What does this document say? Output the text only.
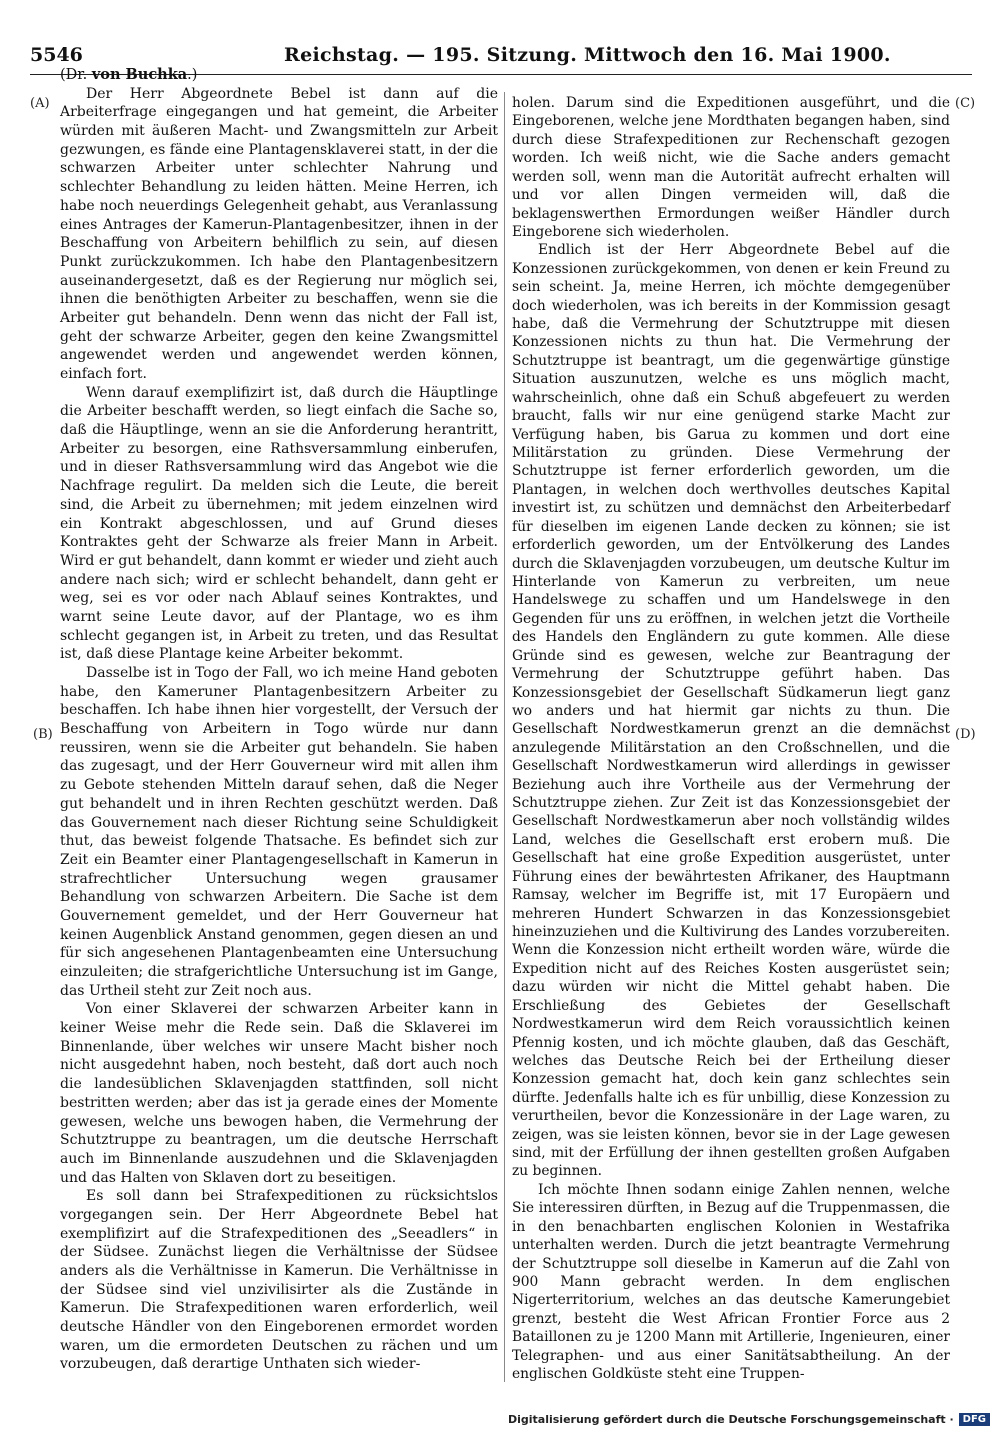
5546	Reichstag. — 195. Sitzung. Mittwoch den 16. Mai 1900.
(A)
(B)
(C)
(D)

(Dr. von Buchka.)

Der Herr Abgeordnete Bebel ist dann auf die Arbeiterfrage eingegangen und hat gemeint, die Arbeiter würden mit äußeren Macht- und Zwangsmitteln zur Arbeit gezwungen, es fände eine Plantagensklaverei statt, in der die schwarzen Arbeiter unter schlechter Nahrung und schlechter Behandlung zu leiden hätten. Meine Herren, ich habe noch neuerdings Gelegenheit gehabt, aus Veranlassung eines Antrages der Kamerun-Plantagenbesitzer, ihnen in der Beschaffung von Arbeitern behilflich zu sein, auf diesen Punkt zurückzukommen. Ich habe den Plantagenbesitzern auseinandergesetzt, daß es der Regierung nur möglich sei, ihnen die benöthigten Arbeiter zu beschaffen, wenn sie die Arbeiter gut behandeln. Denn wenn das nicht der Fall ist, geht der schwarze Arbeiter, gegen den keine Zwangsmittel angewendet werden und angewendet werden können, einfach fort.

Wenn darauf exemplifizirt ist, daß durch die Häuptlinge die Arbeiter beschafft werden, so liegt einfach die Sache so, daß die Häuptlinge, wenn an sie die Anforderung herantritt, Arbeiter zu besorgen, eine Rathsversammlung einberufen, und in dieser Rathsversammlung wird das Angebot wie die Nachfrage regulirt. Da melden sich die Leute, die bereit sind, die Arbeit zu übernehmen; mit jedem einzelnen wird ein Kontrakt abgeschlossen, und auf Grund dieses Kontraktes geht der Schwarze als freier Mann in Arbeit. Wird er gut behandelt, dann kommt er wieder und zieht auch andere nach sich; wird er schlecht behandelt, dann geht er weg, sei es vor oder nach Ablauf seines Kontraktes, und warnt seine Leute davor, auf der Plantage, wo es ihm schlecht gegangen ist, in Arbeit zu treten, und das Resultat ist, daß diese Plantage keine Arbeiter bekommt.

Dasselbe ist in Togo der Fall, wo ich meine Hand geboten habe, den Kameruner Plantagenbesitzern Arbeiter zu beschaffen. Ich habe ihnen hier vorgestellt, der Versuch der Beschaffung von Arbeitern in Togo würde nur dann reussiren, wenn sie die Arbeiter gut behandeln. Sie haben das zugesagt, und der Herr Gouverneur wird mit allen ihm zu Gebote stehenden Mitteln darauf sehen, daß die Neger gut behandelt und in ihren Rechten geschützt werden. Daß das Gouvernement nach dieser Richtung seine Schuldigkeit thut, das beweist folgende Thatsache. Es befindet sich zur Zeit ein Beamter einer Plantagengesellschaft in Kamerun in strafrechtlicher Untersuchung wegen grausamer Behandlung von schwarzen Arbeitern. Die Sache ist dem Gouvernement gemeldet, und der Herr Gouverneur hat keinen Augenblick Anstand genommen, gegen diesen an und für sich angesehenen Plantagenbeamten eine Untersuchung einzuleiten; die strafgerichtliche Untersuchung ist im Gange, das Urtheil steht zur Zeit noch aus.

Von einer Sklaverei der schwarzen Arbeiter kann in keiner Weise mehr die Rede sein. Daß die Sklaverei im Binnenlande, über welches wir unsere Macht bisher noch nicht ausgedehnt haben, noch besteht, daß dort auch noch die landesüblichen Sklavenjagden stattfinden, soll nicht bestritten werden; aber das ist ja gerade eines der Momente gewesen, welche uns bewogen haben, die Vermehrung der Schutztruppe zu beantragen, um die deutsche Herrschaft auch im Binnenlande auszudehnen und die Sklavenjagden und das Halten von Sklaven dort zu beseitigen.

Es soll dann bei Strafexpeditionen zu rücksichtslos vorgegangen sein. Der Herr Abgeordnete Bebel hat exemplifizirt auf die Strafexpeditionen des „Seeadlers“ in der Südsee. Zunächst liegen die Verhältnisse der Südsee anders als die Verhältnisse in Kamerun. Die Verhältnisse in der Südsee sind viel unzivilisirter als die Zustände in Kamerun. Die Strafexpeditionen waren erforderlich, weil deutsche Händler von den Eingeborenen ermordet worden waren, um die ermordeten Deutschen zu rächen und um vorzubeugen, daß derartige Unthaten sich wieder-

holen. Darum sind die Expeditionen ausgeführt, und die Eingeborenen, welche jene Mordthaten begangen haben, sind durch diese Strafexpeditionen zur Rechenschaft gezogen worden. Ich weiß nicht, wie die Sache anders gemacht werden soll, wenn man die Autorität aufrecht erhalten will und vor allen Dingen vermeiden will, daß die beklagenswerthen Ermordungen weißer Händler durch Eingeborene sich wiederholen.

Endlich ist der Herr Abgeordnete Bebel auf die Konzessionen zurückgekommen, von denen er kein Freund zu sein scheint. Ja, meine Herren, ich möchte demgegenüber doch wiederholen, was ich bereits in der Kommission gesagt habe, daß die Vermehrung der Schutztruppe mit diesen Konzessionen nichts zu thun hat. Die Vermehrung der Schutztruppe ist beantragt, um die gegenwärtige günstige Situation auszunutzen, welche es uns möglich macht, wahrscheinlich, ohne daß ein Schuß abgefeuert zu werden braucht, falls wir nur eine genügend starke Macht zur Verfügung haben, bis Garua zu kommen und dort eine Militärstation zu gründen. Diese Vermehrung der Schutztruppe ist ferner erforderlich geworden, um die Plantagen, in welchen doch werthvolles deutsches Kapital investirt ist, zu schützen und demnächst den Arbeiterbedarf für dieselben im eigenen Lande decken zu können; sie ist erforderlich geworden, um der Entvölkerung des Landes durch die Sklavenjagden vorzubeugen, um deutsche Kultur im Hinterlande von Kamerun zu verbreiten, um neue Handelswege zu schaffen und um Handelswege in den Gegenden für uns zu eröffnen, in welchen jetzt die Vortheile des Handels den Engländern zu gute kommen. Alle diese Gründe sind es gewesen, welche zur Beantragung der Vermehrung der Schutztruppe geführt haben. Das Konzessionsgebiet der Gesellschaft Südkamerun liegt ganz wo anders und hat hiermit gar nichts zu thun. Die Gesellschaft Nordwestkamerun grenzt an die demnächst anzulegende Militärstation an den Croßschnellen, und die Gesellschaft Nordwestkamerun wird allerdings in gewisser Beziehung auch ihre Vortheile aus der Vermehrung der Schutztruppe ziehen. Zur Zeit ist das Konzessionsgebiet der Gesellschaft Nordwestkamerun aber noch vollständig wildes Land, welches die Gesellschaft erst erobern muß. Die Gesellschaft hat eine große Expedition ausgerüstet, unter Führung eines der bewährtesten Afrikaner, des Hauptmann Ramsay, welcher im Begriffe ist, mit 17 Europäern und mehreren Hundert Schwarzen in das Konzessionsgebiet hineinzuziehen und die Kultivirung des Landes vorzubereiten. Wenn die Konzession nicht ertheilt worden wäre, würde die Expedition nicht auf des Reiches Kosten ausgerüstet sein; dazu würden wir nicht die Mittel gehabt haben. Die Erschließung des Gebietes der Gesellschaft Nordwestkamerun wird dem Reich voraussichtlich keinen Pfennig kosten, und ich möchte glauben, daß das Geschäft, welches das Deutsche Reich bei der Ertheilung dieser Konzession gemacht hat, doch kein ganz schlechtes sein dürfte. Jedenfalls halte ich es für unbillig, diese Konzession zu verurtheilen, bevor die Konzessionäre in der Lage waren, zu zeigen, was sie leisten können, bevor sie in der Lage gewesen sind, mit der Erfüllung der ihnen gestellten großen Aufgaben zu beginnen.

Ich möchte Ihnen sodann einige Zahlen nennen, welche Sie interessiren dürften, in Bezug auf die Truppenmassen, die in den benachbarten englischen Kolonien in Westafrika unterhalten werden. Durch die jetzt beantragte Vermehrung der Schutztruppe soll dieselbe in Kamerun auf die Zahl von 900 Mann gebracht werden. In dem englischen Nigerterritorium, welches an das deutsche Kamerungebiet grenzt, besteht die West African Frontier Force aus 2 Bataillonen zu je 1200 Mann mit Artillerie, Ingenieuren, einer Telegraphen- und aus einer Sanitätsabtheilung. An der englischen Goldküste steht eine Truppen-

Digitalisierung gefördert durch die Deutsche Forschungsgemeinschaft · DFG
